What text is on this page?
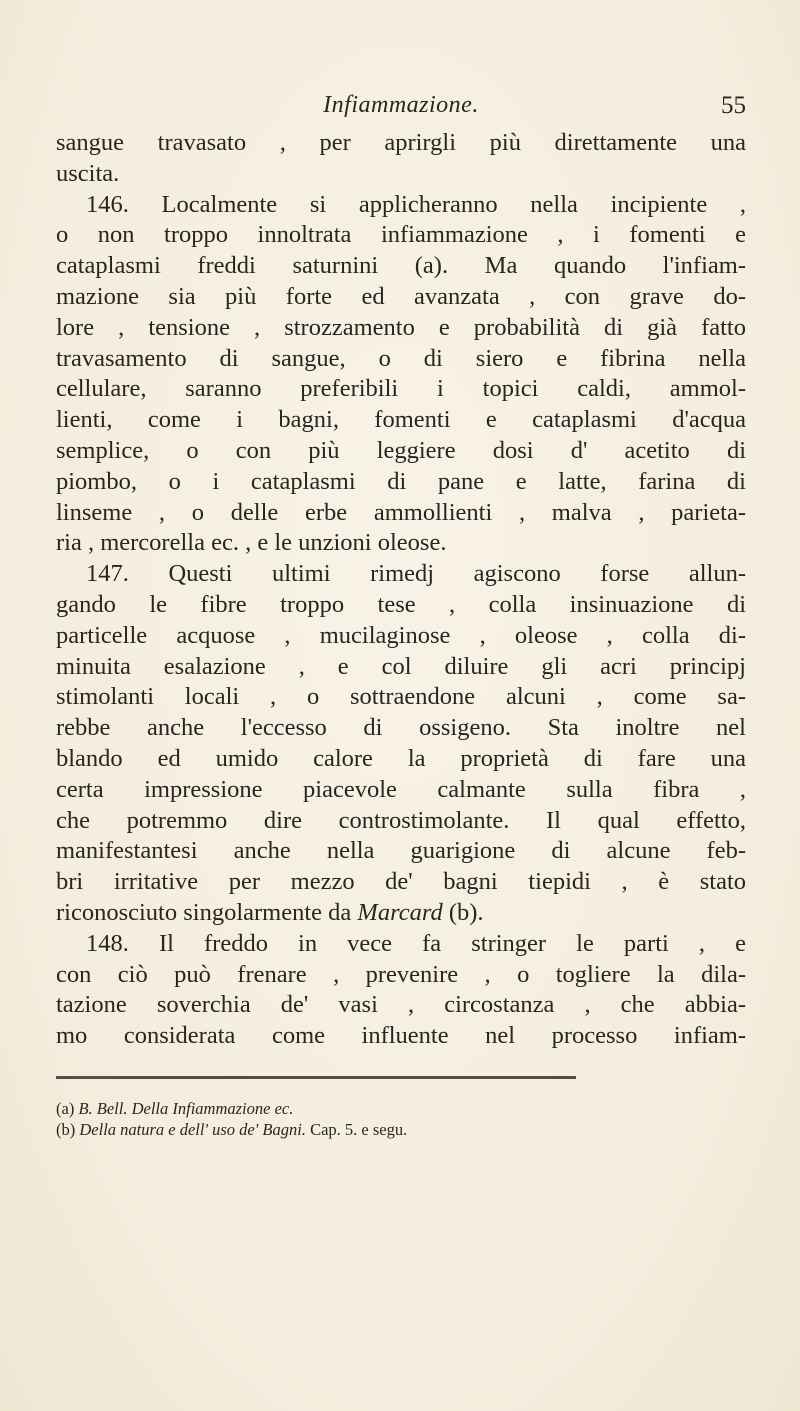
Infiammazione.	55
sangue travasato , per aprirgli più direttamente una
uscita.
146. Localmente si applicheranno nella incipiente ,
o non troppo innoltrata infiammazione , i fomenti e
cataplasmi freddi saturnini (a). Ma quando l'infiam-
mazione sia più forte ed avanzata , con grave do-
lore , tensione , strozzamento e probabilità di già fatto
travasamento di sangue, o di siero e fibrina nella
cellulare, saranno preferibili i topici caldi, ammol-
lienti, come i bagni, fomenti e cataplasmi d'acqua
semplice, o con più leggiere dosi d' acetito di
piombo, o i cataplasmi di pane e latte, farina di
linseme , o delle erbe ammollienti , malva , parieta-
ria , mercorella ec. , e le unzioni oleose.
147. Questi ultimi rimedj agiscono forse allun-
gando le fibre troppo tese , colla insinuazione di
particelle acquose , mucilaginose , oleose , colla di-
minuita esalazione , e col diluire gli acri principj
stimolanti locali , o sottraendone alcuni , come sa-
rebbe anche l'eccesso di ossigeno. Sta inoltre nel
blando ed umido calore la proprietà di fare una
certa impressione piacevole calmante sulla fibra ,
che potremmo dire controstimolante. Il qual effetto,
manifestantesi anche nella guarigione di alcune feb-
bri irritative per mezzo de' bagni tiepidi , è stato
riconosciuto singolarmente da Marcard (b).
148. Il freddo in vece fa stringer le parti , e
con ciò può frenare , prevenire , o togliere la dila-
tazione soverchia de' vasi , circostanza , che abbia-
mo considerata come influente nel processo infiam-
(a) B. Bell. Della Infiammazione ec.
(b) Della natura e dell' uso de' Bagni. Cap. 5. e segu.
